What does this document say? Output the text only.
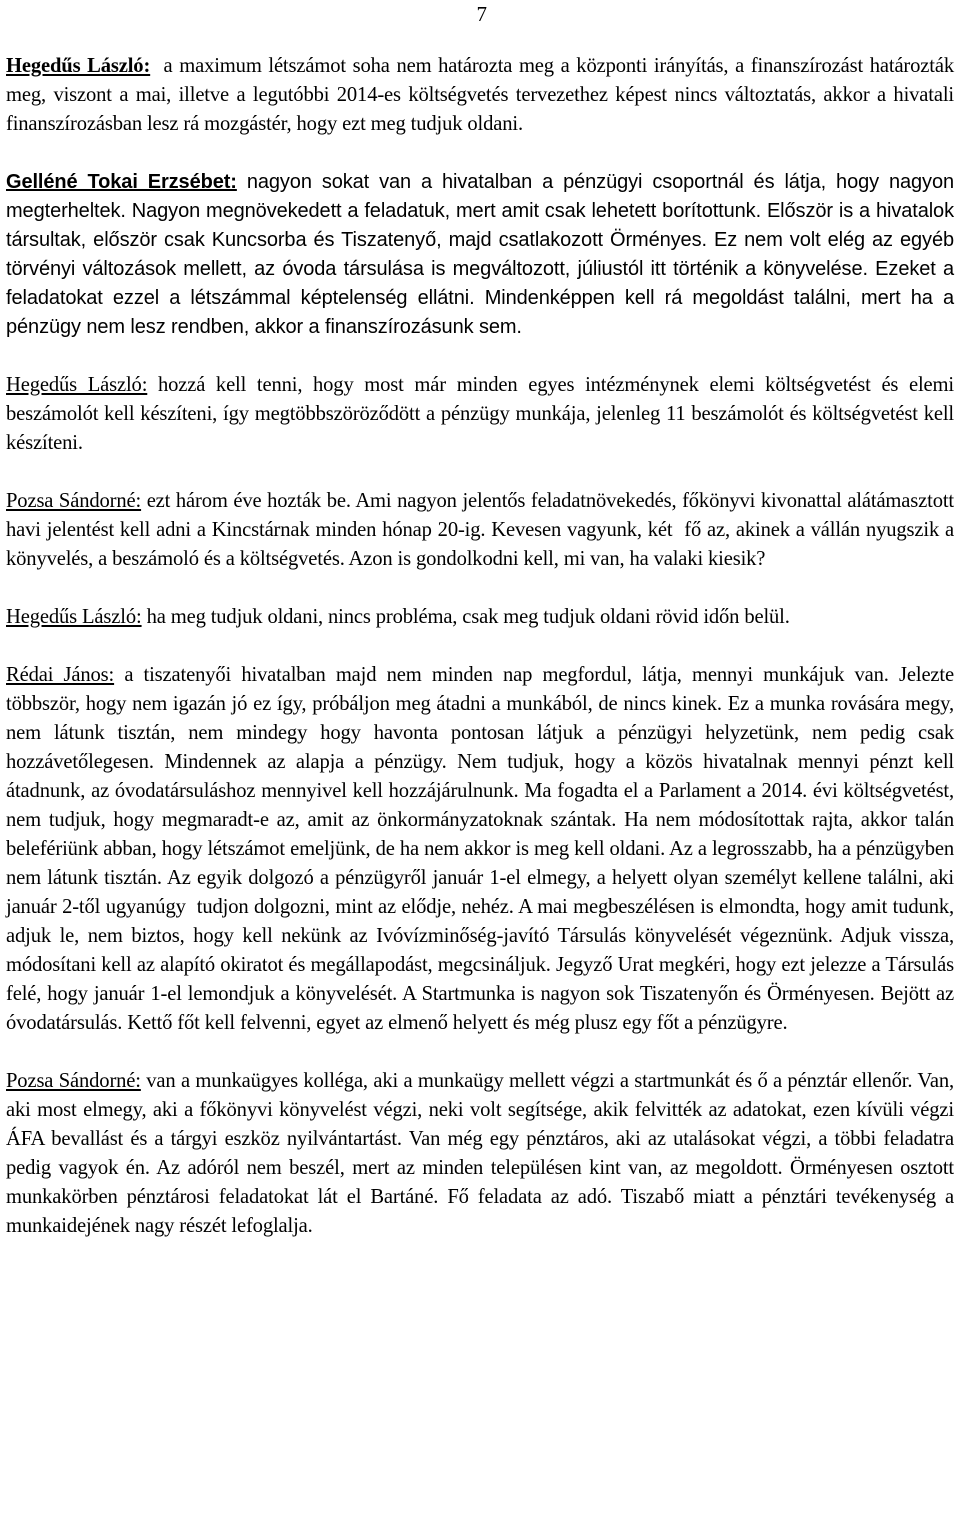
7

Hegedűs László:  a maximum létszámot soha nem határozta meg a központi irányítás, a finanszírozást határozták meg, viszont a mai, illetve a legutóbbi 2014-es költségvetés tervezethez képest nincs változtatás, akkor a hivatali finanszírozásban lesz rá mozgástér, hogy ezt meg tudjuk oldani.

Gelléné Tokai Erzsébet: nagyon sokat van a hivatalban a pénzügyi csoportnál és látja, hogy nagyon megterheltek. Nagyon megnövekedett a feladatuk, mert amit csak lehetett borítottunk. Először is a hivatalok társultak, először csak Kuncsorba és Tiszatenyő, majd csatlakozott Örményes. Ez nem volt elég az egyéb törvényi változások mellett, az óvoda társulása is megváltozott, júliustól itt történik a könyvelése. Ezeket a feladatokat ezzel a létszámmal képtelenség ellátni. Mindenképpen kell rá megoldást találni, mert ha a pénzügy nem lesz rendben, akkor a finanszírozásunk sem.

Hegedűs László: hozzá kell tenni, hogy most már minden egyes intézménynek elemi költségvetést és elemi beszámolót kell készíteni, így megtöbbszöröződött a pénzügy munkája, jelenleg 11 beszámolót és költségvetést kell készíteni.

Pozsa Sándorné: ezt három éve hozták be. Ami nagyon jelentős feladatnövekedés, főkönyvi kivonattal alátámasztott havi jelentést kell adni a Kincstárnak minden hónap 20-ig. Kevesen vagyunk, két  fő az, akinek a vállán nyugszik a könyvelés, a beszámoló és a költségvetés. Azon is gondolkodni kell, mi van, ha valaki kiesik?

Hegedűs László: ha meg tudjuk oldani, nincs probléma, csak meg tudjuk oldani rövid időn belül.

Rédai János: a tiszatenyői hivatalban majd nem minden nap megfordul, látja, mennyi munkájuk van. Jelezte többször, hogy nem igazán jó ez így, próbáljon meg átadni a munkából, de nincs kinek. Ez a munka rovására megy, nem látunk tisztán, nem mindegy hogy havonta pontosan látjuk a pénzügyi helyzetünk, nem pedig csak hozzávetőlegesen. Mindennek az alapja a pénzügy. Nem tudjuk, hogy a közös hivatalnak mennyi pénzt kell átadnunk, az óvodatársuláshoz mennyivel kell hozzájárulnunk. Ma fogadta el a Parlament a 2014. évi költségvetést, nem tudjuk, hogy megmaradt-e az, amit az önkormányzatoknak szántak. Ha nem módosítottak rajta, akkor talán belefériünk abban, hogy létszámot emeljünk, de ha nem akkor is meg kell oldani. Az a legrosszabb, ha a pénzügyben nem látunk tisztán. Az egyik dolgozó a pénzügyről január 1-el elmegy, a helyett olyan személyt kellene találni, aki január 2-től ugyanúgy  tudjon dolgozni, mint az elődje, nehéz. A mai megbeszélésen is elmondta, hogy amit tudunk, adjuk le, nem biztos, hogy kell nekünk az Ivóvízminőség-javító Társulás könyvelését végeznünk. Adjuk vissza, módosítani kell az alapító okiratot és megállapodást, megcsináljuk. Jegyző Urat megkéri, hogy ezt jelezze a Társulás felé, hogy január 1-el lemondjuk a könyvelését. A Startmunka is nagyon sok Tiszatenyőn és Örményesen. Bejött az óvodatársulás. Kettő főt kell felvenni, egyet az elmenő helyett és még plusz egy főt a pénzügyre.

Pozsa Sándorné: van a munkaügyes kolléga, aki a munkaügy mellett végzi a startmunkát és ő a pénztár ellenőr. Van, aki most elmegy, aki a főkönyvi könyvelést végzi, neki volt segítsége, akik felvitték az adatokat, ezen kívüli végzi ÁFA bevallást és a tárgyi eszköz nyilvántartást. Van még egy pénztáros, aki az utalásokat végzi, a többi feladatra pedig vagyok én. Az adóról nem beszél, mert az minden településen kint van, az megoldott. Örményesen osztott munkakörben pénztárosi feladatokat lát el Bartáné. Fő feladata az adó. Tiszabő miatt a pénztári tevékenység a munkaidejének nagy részét lefoglalja.
